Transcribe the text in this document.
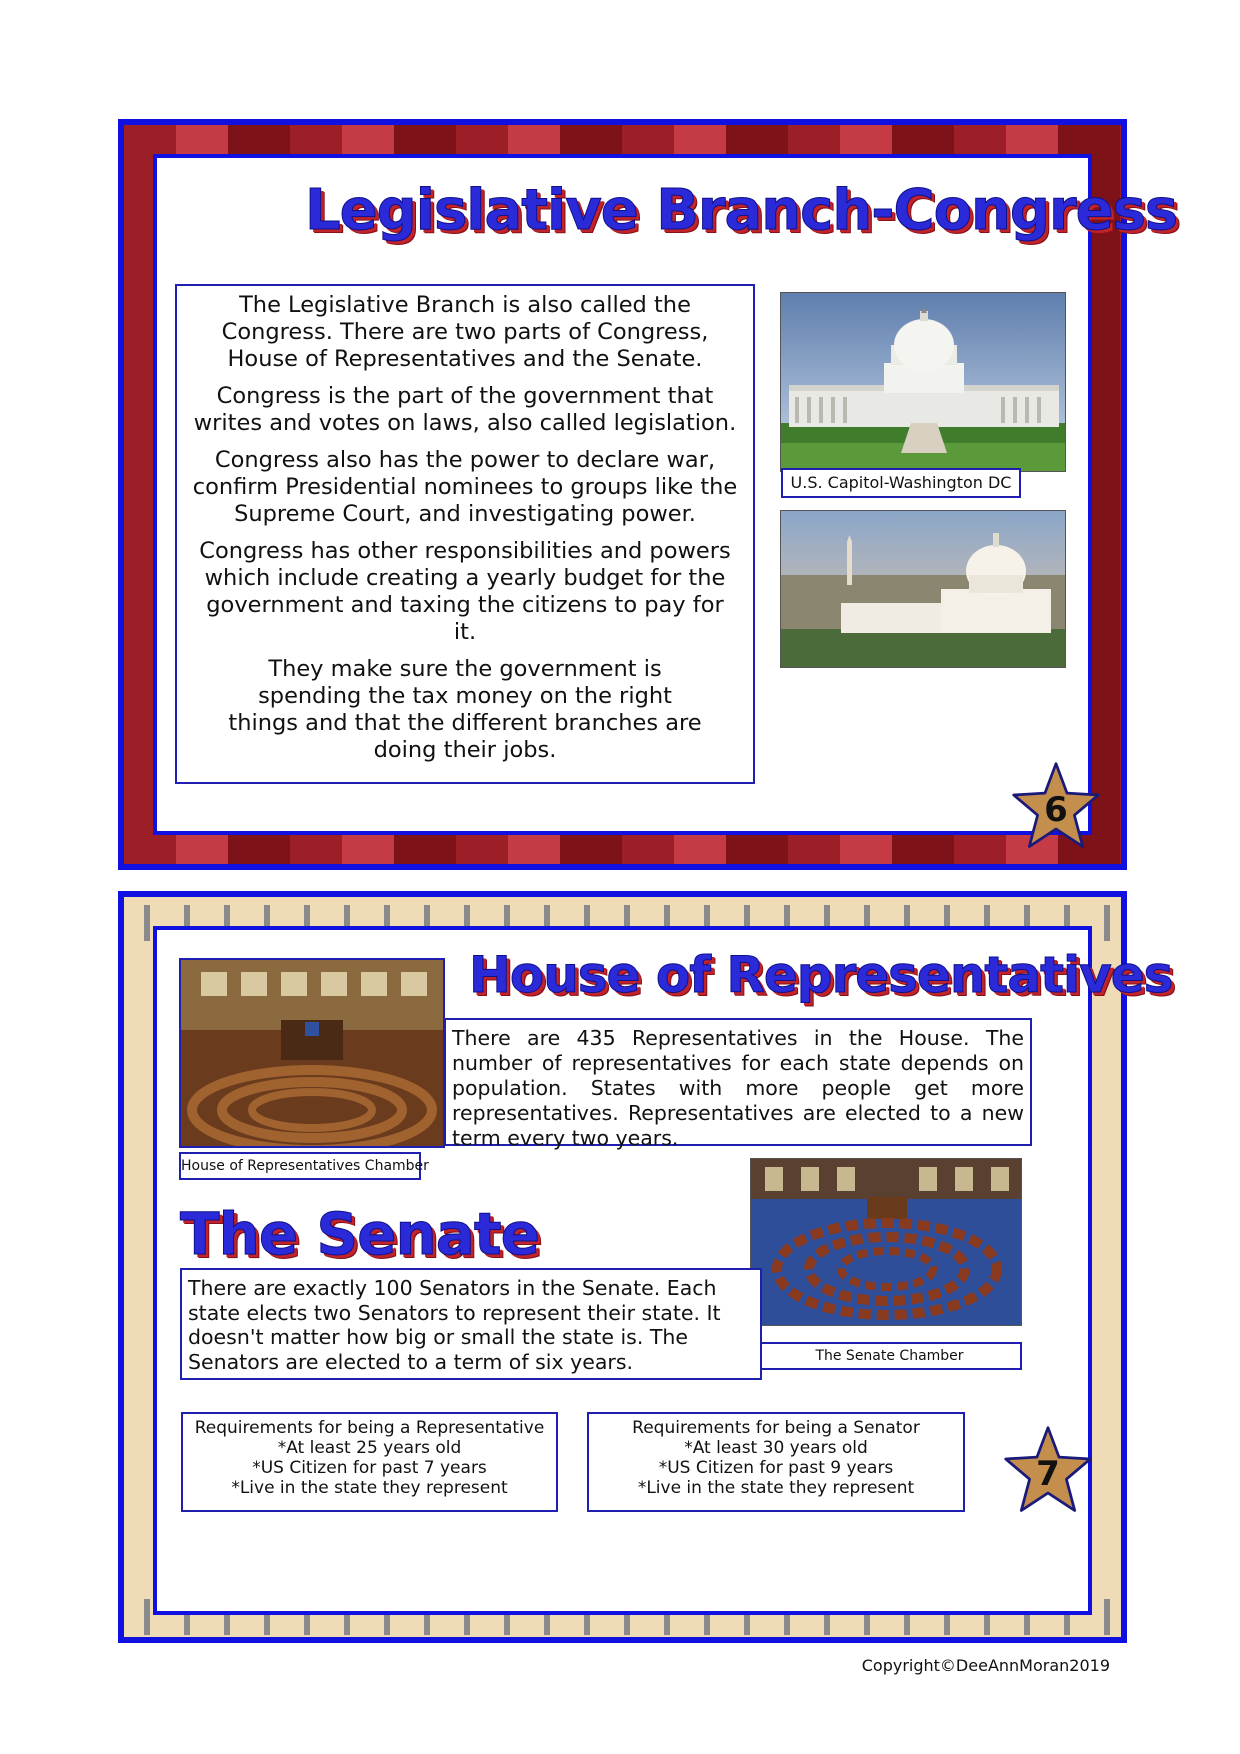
Legislative Branch-Congress

The Legislative Branch is also called the Congress. There are two parts of Congress, House of Representatives and the Senate.

Congress is the part of the government that writes and votes on laws, also called legislation.

Congress also has the power to declare war, confirm Presidential nominees to groups like the Supreme Court, and investigating power.

Congress has other responsibilities and powers which include creating a yearly budget for the government and taxing the citizens to pay for it.

They make sure the government is spending the tax money on the right things and that the different branches are doing their jobs.

U.S. Capitol-Washington DC
6
House of Representatives Chamber
House of Representatives
There are 435 Representatives in the House. The number of representatives for each state depends on population. States with more people get more representatives. Representatives are elected to a new term every two years.
The Senate
The Senate Chamber
There are exactly 100 Senators in the Senate. Each state elects two Senators to represent their state. It doesn't matter how big or small the state is. The Senators are elected to a term of six years.
Requirements for being a Representative
*At least 25 years old
*US Citizen for past 7 years
*Live in the state they represent
Requirements for being a Senator
*At least 30 years old
*US Citizen for past 9 years
*Live in the state they represent	7
Copyright©DeeAnnMoran2019
